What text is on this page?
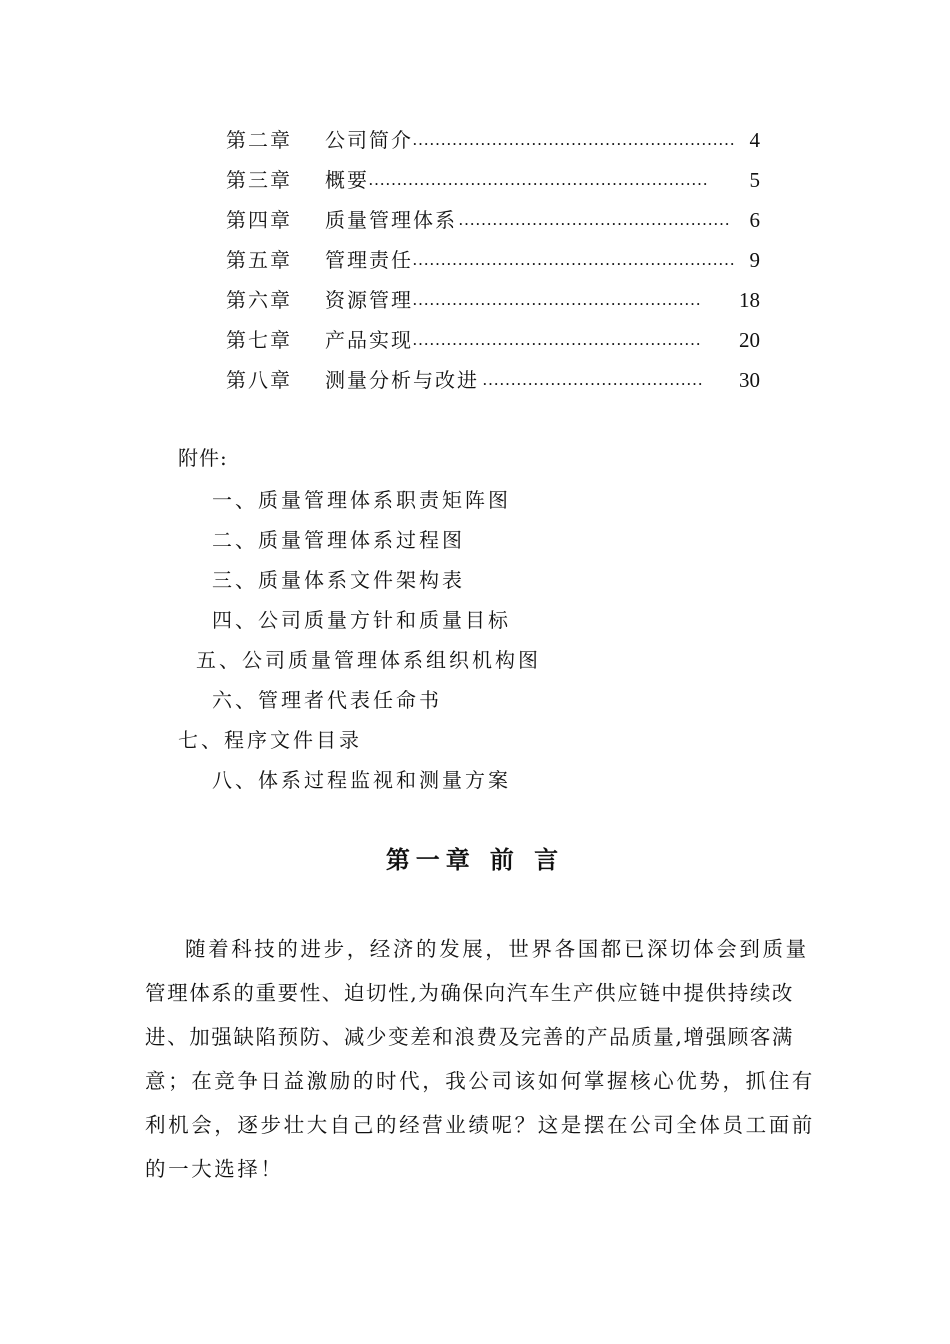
第二章 公司简介 ………………………………………………… 4
第三章 概要 ……………………………………………………	5
第四章 质量管理体系 ………………………………………… 6
第五章 管理责任 ………………………………………………… 9
第六章 资源管理 ……………………………………………	18
第七章 产品实现 ……………………………………………	20
第八章 测量分析与改进 …………………………………	30
附件:
一、质量管理体系职责矩阵图
二、质量管理体系过程图
三、质量体系文件架构表
四、公司质量方针和质量目标
五、公司质量管理体系组织机构图
六、管理者代表任命书
七、程序文件目录
八、体系过程监视和测量方案
第一章 前 言
随着科技的进步，经济的发展，世界各国都已深切体会到质量
管理体系的重要性、迫切性,为确保向汽车生产供应链中提供持续改
进、加强缺陷预防、减少变差和浪费及完善的产品质量,增强顾客满
意；在竞争日益激励的时代，我公司该如何掌握核心优势，抓住有
利机会，逐步壮大自己的经营业绩呢？这是摆在公司全体员工面前
的一大选择！
